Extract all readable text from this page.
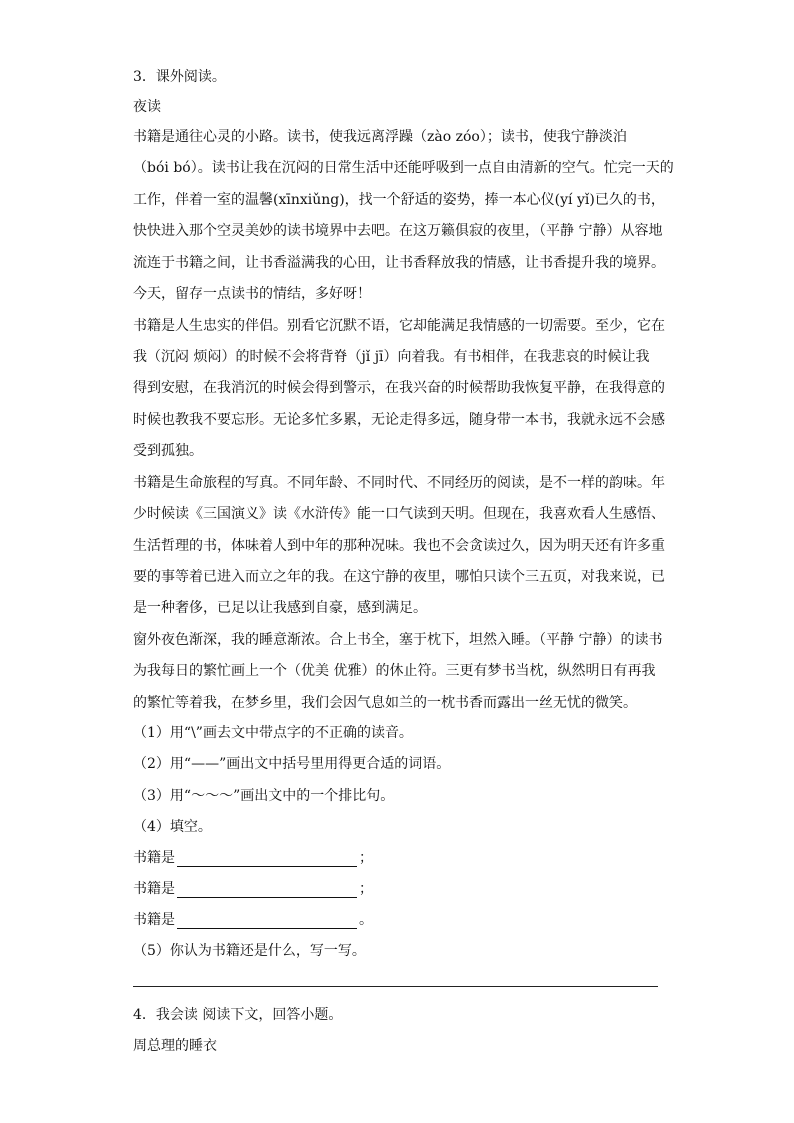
3．课外阅读。
夜读
书籍是通往心灵的小路。读书，使我远离浮躁（zào zóo）；读书，使我宁静淡泊
（bói bó）。读书让我在沉闷的日常生活中还能呼吸到一点自由清新的空气。忙完一天的
工作，伴着一室的温馨(xīnxiǔng)，找一个舒适的姿势，捧一本心仪(yí yǐ)已久的书，
快快进入那个空灵美妙的读书境界中去吧。在这万籁俱寂的夜里，（平静 宁静）从容地
流连于书籍之间，让书香溢满我的心田，让书香释放我的情感，让书香提升我的境界。
今天，留存一点读书的情结，多好呀！
书籍是人生忠实的伴侣。别看它沉默不语，它却能满足我情感的一切需要。至少，它在
我（沉闷 烦闷）的时候不会将背脊（jǐ jī）向着我。有书相伴，在我悲哀的时候让我
得到安慰，在我消沉的时候会得到警示，在我兴奋的时候帮助我恢复平静，在我得意的
时候也教我不要忘形。无论多忙多累，无论走得多远，随身带一本书，我就永远不会感
受到孤独。
书籍是生命旅程的写真。不同年龄、不同时代、不同经历的阅读，是不一样的韵味。年
少时候读《三国演义》读《水浒传》能一口气读到天明。但现在，我喜欢看人生感悟、
生活哲理的书，体味着人到中年的那种况味。我也不会贪读过久，因为明天还有许多重
要的事等着已进入而立之年的我。在这宁静的夜里，哪怕只读个三五页，对我来说，已
是一种奢侈，已足以让我感到自豪，感到满足。
窗外夜色渐深，我的睡意渐浓。合上书全，塞于枕下，坦然入睡。（平静 宁静）的读书
为我每日的繁忙画上一个（优美 优雅）的休止符。三更有梦书当枕，纵然明日有再我
的繁忙等着我，在梦乡里，我们会因气息如兰的一枕书香而露出一丝无忧的微笑。
（1）用“\”画去文中带点字的不正确的读音。
（2）用“——”画出文中括号里用得更合适的词语。
（3）用“～～～”画出文中的一个排比句。
（4）填空。
书籍是	；
书籍是	；
书籍是	。
（5）你认为书籍还是什么，写一写。
4．我会读 阅读下文，回答小题。
周总理的睡衣
